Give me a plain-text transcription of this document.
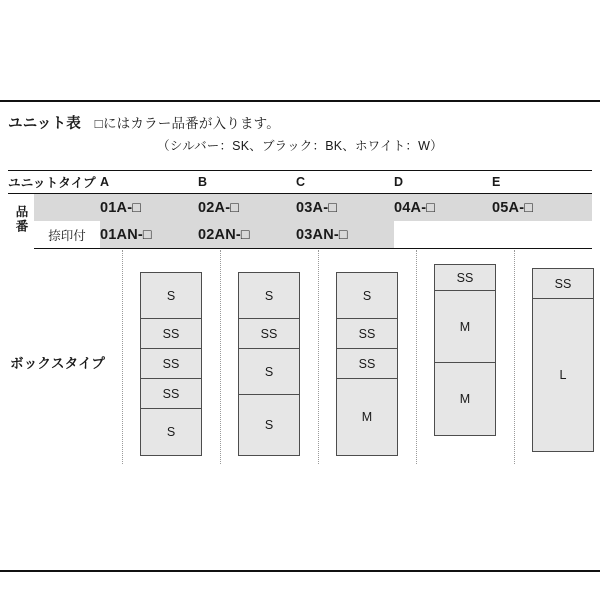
ユニット表　□にはカラー品番が入ります。
（シルバー：SK、ブラック：BK、ホワイト：W）
ユニットタイプ		A	B	C	D	E
品番		01A-□	02A-□	03A-□	04A-□	05A-□
	捺印付	01AN-□	02AN-□	03AN-□		
ボックスタイプ
S
SS
SS
SS
S
S
SS
S
S
S
SS
SS
M
SS
M
M
SS
L
